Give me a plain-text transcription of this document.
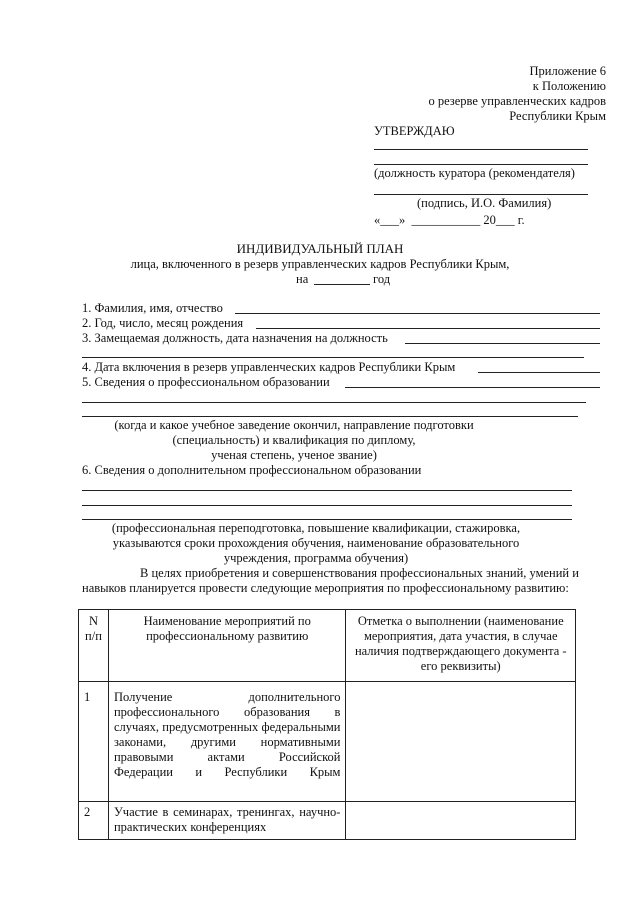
Приложение 6
к Положению
о резерве управленческих кадров
Республики Крым
УТВЕРЖДАЮ
(должность куратора (рекомендателя)
(подпись, И.О. Фамилия)
«___»  ___________ 20___ г.
ИНДИВИДУАЛЬНЫЙ ПЛАН
лица, включенного в резерв управленческих кадров Республики Крым,
на	год
1. Фамилия, имя, отчество
2. Год, число, месяц рождения
3. Замещаемая должность, дата назначения на должность
4. Дата включения в резерв управленческих кадров Республики Крым
5. Сведения о профессиональном образовании
(когда и какое учебное заведение окончил, направление подготовки
(специальность) и квалификация по диплому,
ученая степень, ученое звание)
6. Сведения о дополнительном профессиональном образовании
(профессиональная переподготовка, повышение квалификации, стажировка,
указываются сроки прохождения обучения, наименование образовательного
учреждения, программа обучения)
В целях приобретения и совершенствования профессиональных знаний, умений и
навыков планируется провести следующие мероприятия по профессиональному развитию:
N п/п	Наименование мероприятий по профессиональному развитию	Отметка о выполнении (наименование мероприятия, дата участия, в случае наличия подтверждающего документа - его реквизиты)
1	Получение дополнительного профессионального образования в случаях, предусмотренных федеральными законами, другими нормативными правовыми актами Российской Федерации и Республики Крым	
2	Участие в семинарах, тренингах, научно-практических конференциях	
